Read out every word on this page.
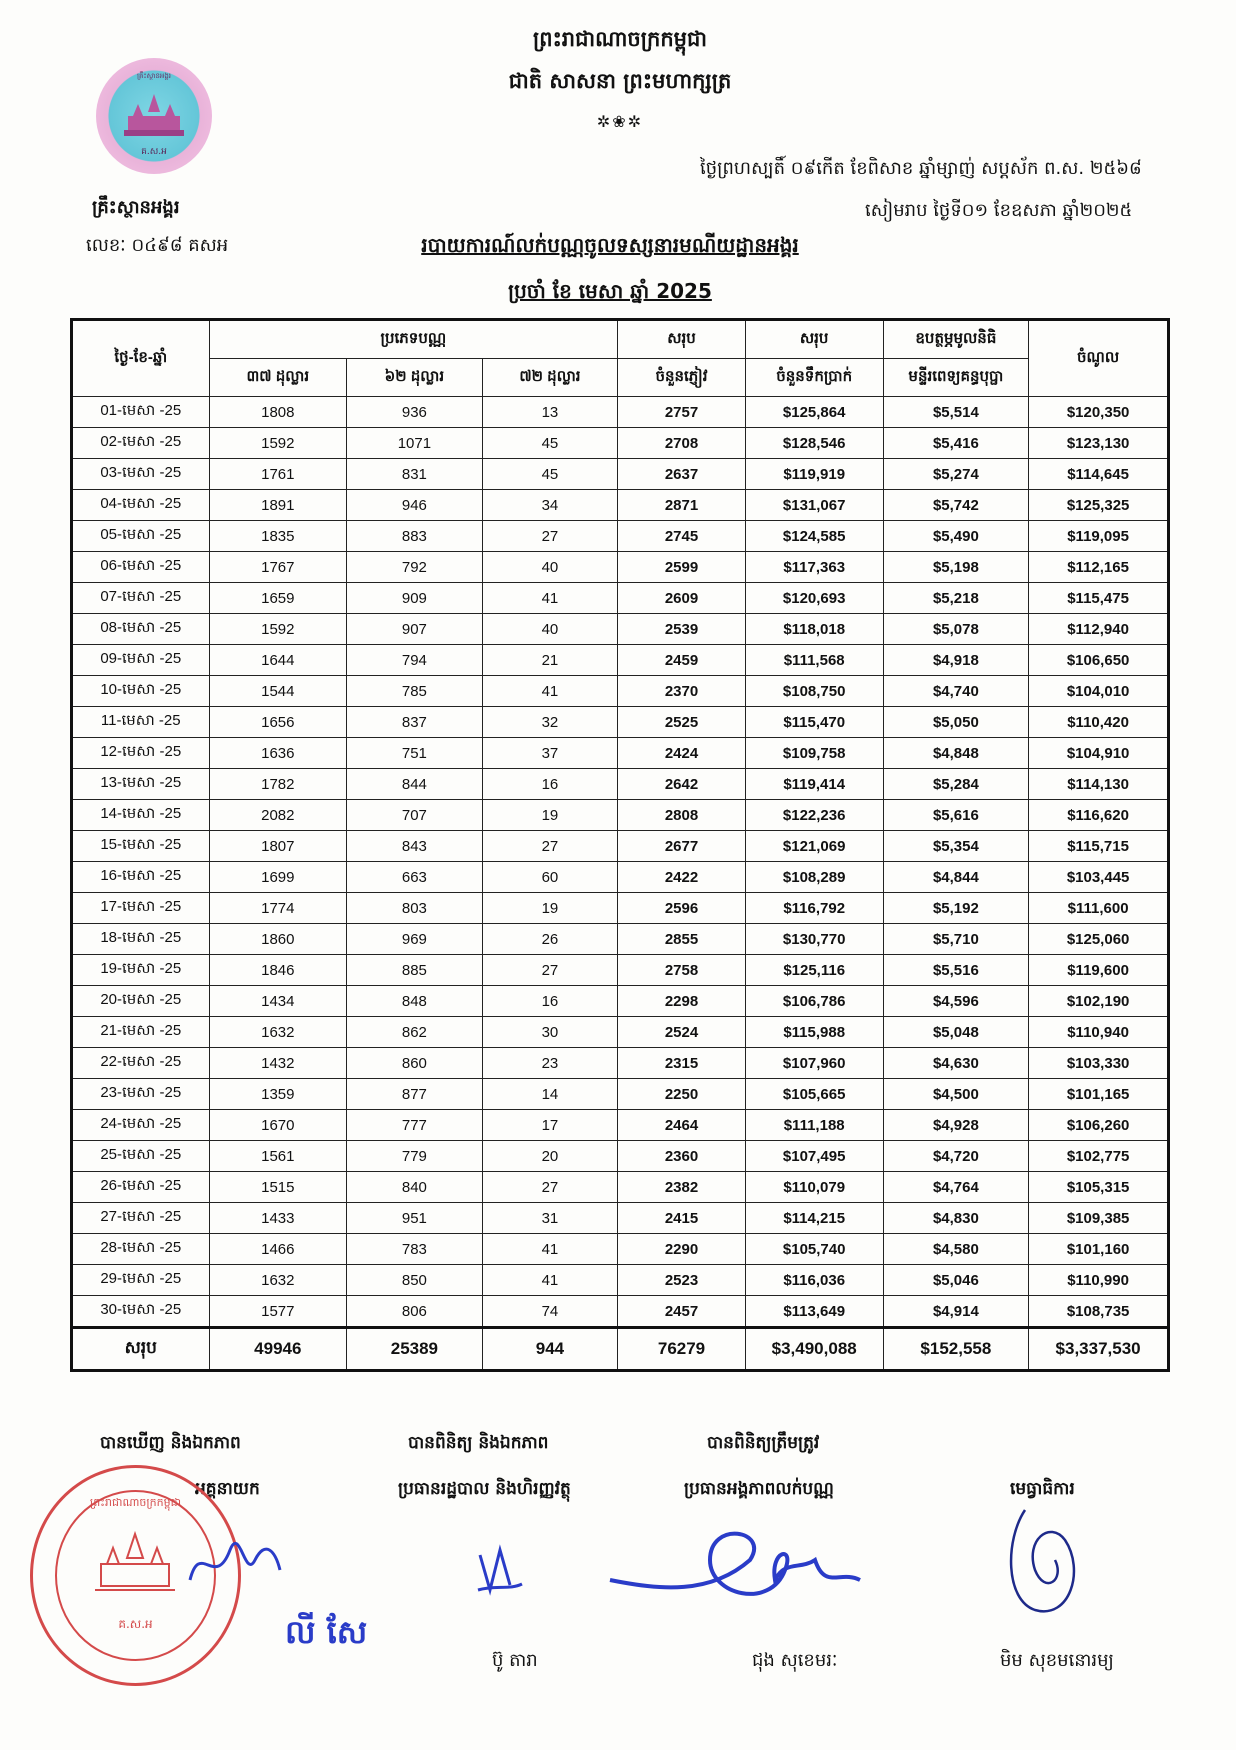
ព្រះរាជាណាចក្រកម្ពុជា
ជាតិ សាសនា ព្រះមហាក្សត្រ
✲❀✲
គ្រឹះស្ថានអង្គរ
គ.ស.អ
ថ្ងៃព្រហស្បតិ៍ ០៩កើត ខែពិសាខ ឆ្នាំម្សាញ់ សប្តស័ក ព.ស. ២៥៦៨
គ្រឹះស្ថានអង្គរ	សៀមរាប ថ្ងៃទី០១ ខែឧសភា ឆ្នាំ២០២៥
លេខៈ ០៤៩៨ គសអ	របាយការណ៍លក់បណ្ណចូលទស្សនារមណីយដ្ឋានអង្គរ
ប្រចាំ ខែ មេសា ឆ្នាំ 2025
ថ្ងៃ-ខែ-ឆ្នាំ	ប្រភេទបណ្ណ			សរុប	សរុប	ឧបត្ថម្ភមូលនិធិ	ចំណូល
	៣៧ ដុល្លារ	៦២ ដុល្លារ	៧២ ដុល្លារ	ចំនួនភ្ញៀវ	ចំនួនទឹកប្រាក់	មន្ទីរពេទ្យគន្ធបុប្ផា	
01-មេសា -25	1808	936	13	2757	$125,864	$5,514	$120,350
02-មេសា -25	1592	1071	45	2708	$128,546	$5,416	$123,130
03-មេសា -25	1761	831	45	2637	$119,919	$5,274	$114,645
04-មេសា -25	1891	946	34	2871	$131,067	$5,742	$125,325
05-មេសា -25	1835	883	27	2745	$124,585	$5,490	$119,095
06-មេសា -25	1767	792	40	2599	$117,363	$5,198	$112,165
07-មេសា -25	1659	909	41	2609	$120,693	$5,218	$115,475
08-មេសា -25	1592	907	40	2539	$118,018	$5,078	$112,940
09-មេសា -25	1644	794	21	2459	$111,568	$4,918	$106,650
10-មេសា -25	1544	785	41	2370	$108,750	$4,740	$104,010
11-មេសា -25	1656	837	32	2525	$115,470	$5,050	$110,420
12-មេសា -25	1636	751	37	2424	$109,758	$4,848	$104,910
13-មេសា -25	1782	844	16	2642	$119,414	$5,284	$114,130
14-មេសា -25	2082	707	19	2808	$122,236	$5,616	$116,620
15-មេសា -25	1807	843	27	2677	$121,069	$5,354	$115,715
16-មេសា -25	1699	663	60	2422	$108,289	$4,844	$103,445
17-មេសា -25	1774	803	19	2596	$116,792	$5,192	$111,600
18-មេសា -25	1860	969	26	2855	$130,770	$5,710	$125,060
19-មេសា -25	1846	885	27	2758	$125,116	$5,516	$119,600
20-មេសា -25	1434	848	16	2298	$106,786	$4,596	$102,190
21-មេសា -25	1632	862	30	2524	$115,988	$5,048	$110,940
22-មេសា -25	1432	860	23	2315	$107,960	$4,630	$103,330
23-មេសា -25	1359	877	14	2250	$105,665	$4,500	$101,165
24-មេសា -25	1670	777	17	2464	$111,188	$4,928	$106,260
25-មេសា -25	1561	779	20	2360	$107,495	$4,720	$102,775
26-មេសា -25	1515	840	27	2382	$110,079	$4,764	$105,315
27-មេសា -25	1433	951	31	2415	$114,215	$4,830	$109,385
28-មេសា -25	1466	783	41	2290	$105,740	$4,580	$101,160
29-មេសា -25	1632	850	41	2523	$116,036	$5,046	$110,990
30-មេសា -25	1577	806	74	2457	$113,649	$4,914	$108,735
សរុប	49946	25389	944	76279	$3,490,088	$152,558	$3,337,530
បានឃើញ និងឯកភាព	បានពិនិត្យ និងឯកភាព	បានពិនិត្យត្រឹមត្រូវ
អគ្គនាយក	ប្រធានរដ្ឋបាល និងហិរញ្ញវត្ថុ	ប្រធានអង្គភាពលក់បណ្ណ	មេធ្វាធិការ
ព្រះរាជាណាចក្រកម្ពុជា
គ.ស.អ	លី សែ
ប៊ូ តារា	ជុង សុខេមរៈ	មិម សុខមនោរម្យ
